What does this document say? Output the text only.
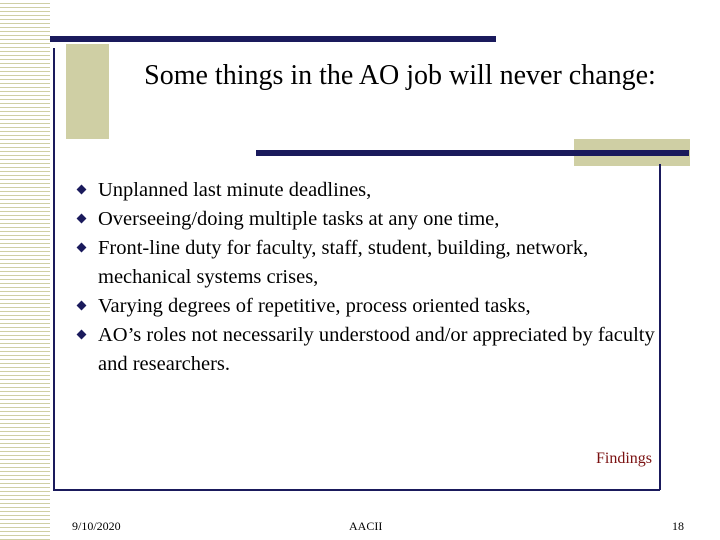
Some things in the AO job will never change:
Unplanned last minute deadlines,
Overseeing/doing multiple tasks at any one time,
Front-line duty for faculty, staff, student, building, network, mechanical systems crises,
Varying degrees of repetitive, process oriented tasks,
AO’s roles not necessarily understood and/or appreciated by faculty and researchers.
Findings
9/10/2020	AACII	18
